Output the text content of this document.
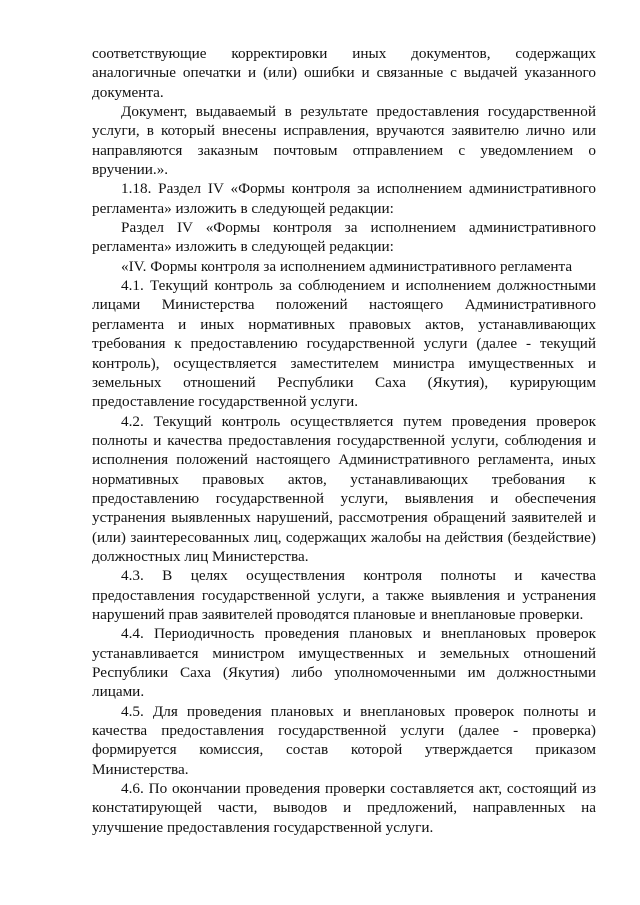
соответствующие корректировки иных документов, содержащих аналогичные опечатки и (или) ошибки и связанные с выдачей указанного документа.

Документ, выдаваемый в результате предоставления государственной услуги, в который внесены исправления, вручаются заявителю лично или направляются заказным почтовым отправлением с уведомлением о вручении.».

1.18. Раздел IV «Формы контроля за исполнением административного регламента» изложить в следующей редакции:

Раздел IV «Формы контроля за исполнением административного регламента» изложить в следующей редакции:

«IV. Формы контроля за исполнением административного регламента

4.1. Текущий контроль за соблюдением и исполнением должностными лицами Министерства положений настоящего Административного регламента и иных нормативных правовых актов, устанавливающих требования к предоставлению государственной услуги (далее - текущий контроль), осуществляется заместителем министра имущественных и земельных отношений Республики Саха (Якутия), курирующим предоставление государственной услуги.

4.2. Текущий контроль осуществляется путем проведения проверок полноты и качества предоставления государственной услуги, соблюдения и исполнения положений настоящего Административного регламента, иных нормативных правовых актов, устанавливающих требования к предоставлению государственной услуги, выявления и обеспечения устранения выявленных нарушений, рассмотрения обращений заявителей и (или) заинтересованных лиц, содержащих жалобы на действия (бездействие) должностных лиц Министерства.

4.3. В целях осуществления контроля полноты и качества предоставления государственной услуги, а также выявления и устранения нарушений прав заявителей проводятся плановые и внеплановые проверки.

4.4. Периодичность проведения плановых и внеплановых проверок устанавливается министром имущественных и земельных отношений Республики Саха (Якутия) либо уполномоченными им должностными лицами.

4.5. Для проведения плановых и внеплановых проверок полноты и качества предоставления государственной услуги (далее - проверка) формируется комиссия, состав которой утверждается приказом Министерства.

4.6. По окончании проведения проверки составляется акт, состоящий из констатирующей части, выводов и предложений, направленных на улучшение предоставления государственной услуги.
